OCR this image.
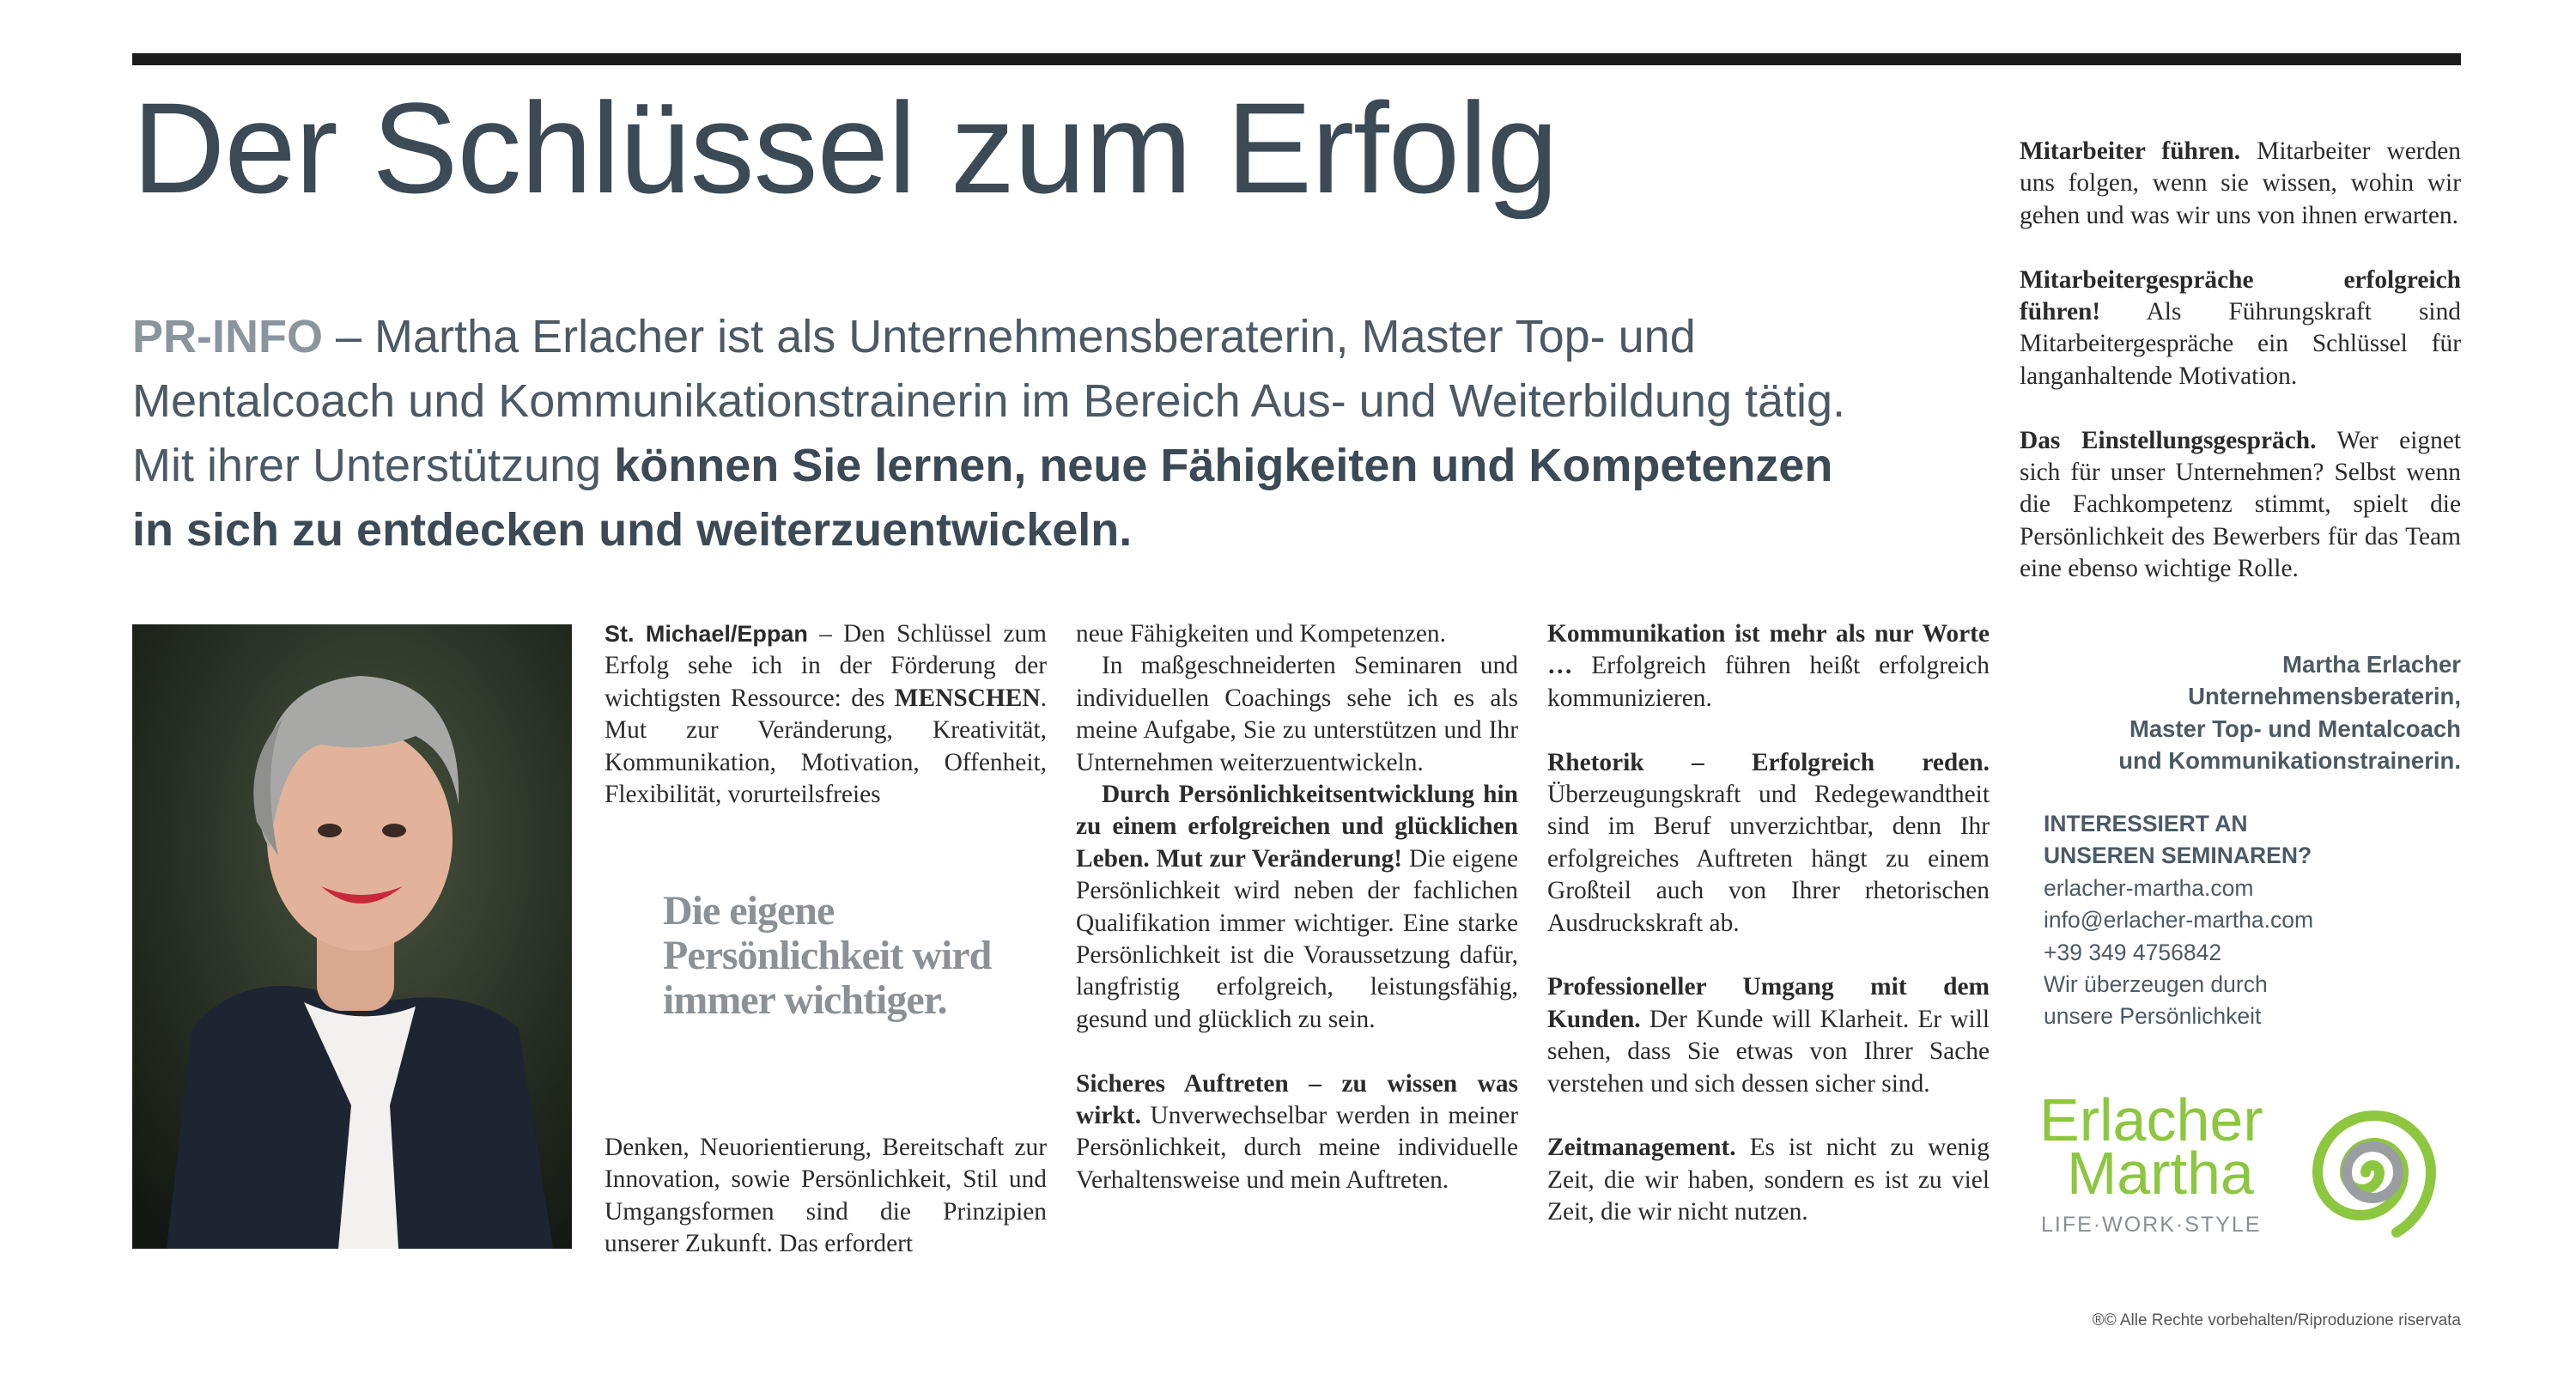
Der Schlüssel zum Erfolg

PR-INFO – Martha Erlacher ist als Unternehmensberaterin, Master Top- und Mentalcoach und Kommunikationstrainerin im Bereich Aus- und Weiterbildung tätig. Mit ihrer Unterstützung können Sie lernen, neue Fähigkeiten und Kompetenzen in sich zu entdecken und weiterzuentwickeln.

St. Michael/Eppan – Den Schlüssel zum Erfolg sehe ich in der Förderung der wichtigsten Ressource: des MENSCHEN. Mut zur Veränderung, Kreativität, Kommunikation, Motivation, Offenheit, Flexibilität, vorurteilsfreies

Die eigene Persönlichkeit wird immer wichtiger.

Denken, Neuorientierung, Bereitschaft zur Innovation, sowie Persönlichkeit, Stil und Umgangsformen sind die Prinzipien unserer Zukunft. Das erfordert

neue Fähigkeiten und Kompetenzen.

In maßgeschneiderten Seminaren und individuellen Coachings sehe ich es als meine Aufgabe, Sie zu unterstützen und Ihr Unternehmen weiterzuentwickeln.

Durch Persönlichkeitsentwicklung hin zu einem erfolgreichen und glücklichen Leben. Mut zur Veränderung! Die eigene Persönlichkeit wird neben der fachlichen Qualifikation immer wichtiger. Eine starke Persönlichkeit ist die Voraussetzung dafür, langfristig erfolgreich, leistungsfähig, gesund und glücklich zu sein.

Sicheres Auftreten – zu wissen was wirkt. Unverwechselbar werden in meiner Persönlichkeit, durch meine individuelle Verhaltensweise und mein Auftreten.

Kommunikation ist mehr als nur Worte … Erfolgreich führen heißt erfolgreich kommunizieren.

Rhetorik – Erfolgreich reden. Überzeugungskraft und Redegewandtheit sind im Beruf unverzichtbar, denn Ihr erfolgreiches Auftreten hängt zu einem Großteil auch von Ihrer rhetorischen Ausdruckskraft ab.

Professioneller Umgang mit dem Kunden. Der Kunde will Klarheit. Er will sehen, dass Sie etwas von Ihrer Sache verstehen und sich dessen sicher sind.

Zeitmanagement. Es ist nicht zu wenig Zeit, die wir haben, sondern es ist zu viel Zeit, die wir nicht nutzen.

Mitarbeiter führen. Mitarbeiter werden uns folgen, wenn sie wissen, wohin wir gehen und was wir uns von ihnen erwarten.

Mitarbeitergespräche erfolgreich führen! Als Führungskraft sind Mitarbeitergespräche ein Schlüssel für langanhaltende Motivation.

Das Einstellungsgespräch. Wer eignet sich für unser Unternehmen? Selbst wenn die Fachkompetenz stimmt, spielt die Persönlichkeit des Bewerbers für das Team eine ebenso wichtige Rolle.

Martha Erlacher
Unternehmensberaterin,
Master Top- und Mentalcoach
und Kommunikationstrainerin.
INTERESSIERT AN
UNSEREN SEMINAREN?
erlacher-martha.com
info@erlacher-martha.com
+39 349 4756842
Wir überzeugen durch
unsere Persönlichkeit
Erlacher
Martha
LIFE·WORK·STYLE
®© Alle Rechte vorbehalten/Riproduzione riservata
